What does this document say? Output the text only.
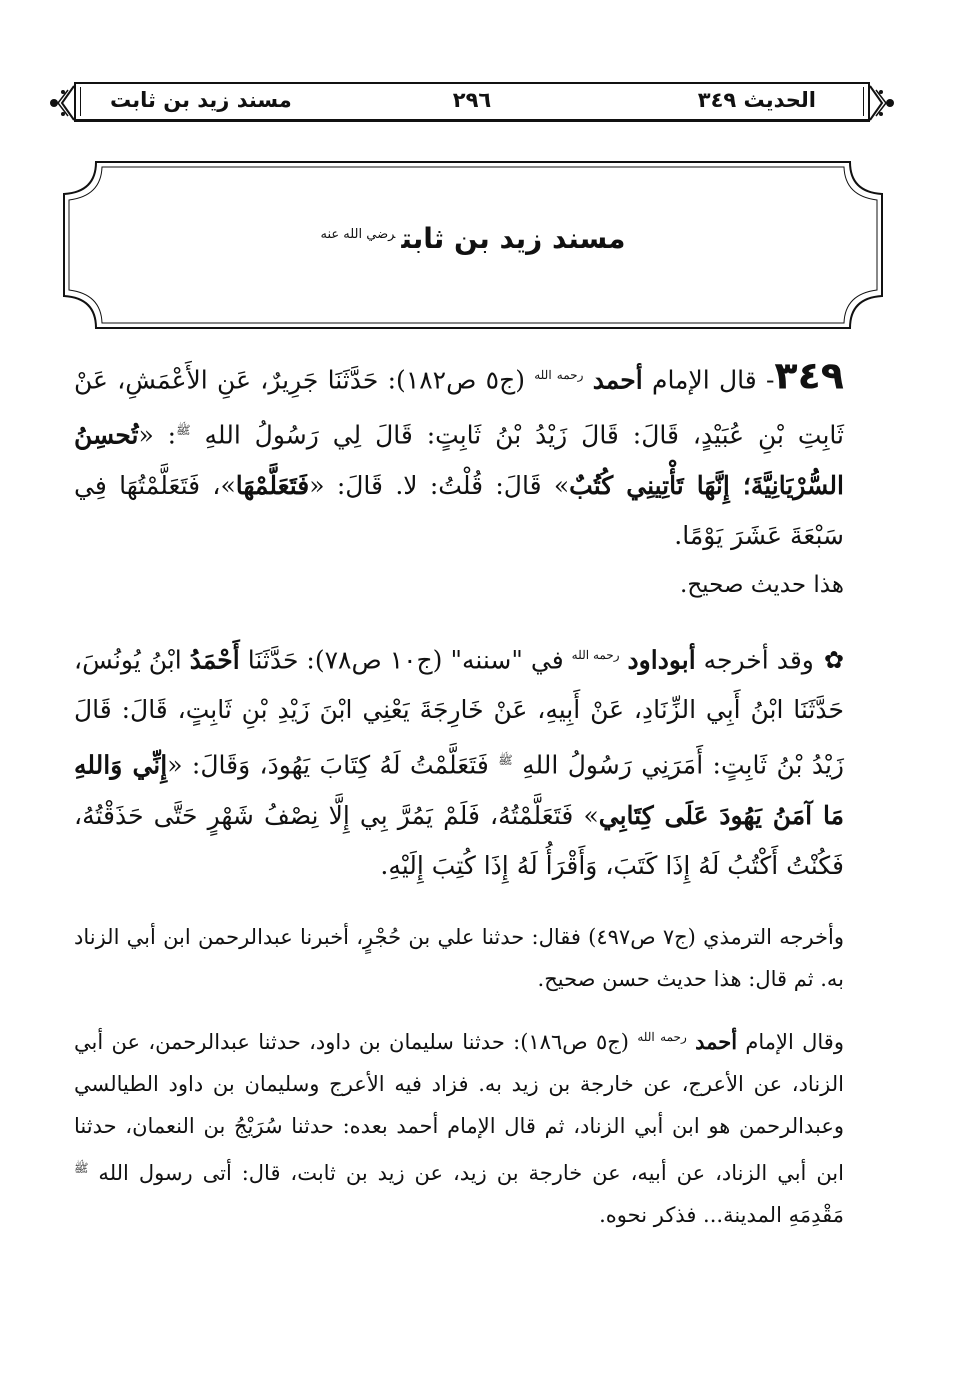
الحديث ٣٤٩
٢٩٦
مسند زيد بن ثابت
مسند زيد بن ثابت$^{رضي الله عنه}$
٣٤٩- قال الإمام أحمد $^{رحمه الله}$ (ج٥ ص١٨٢): حَدَّثَنَا جَرِيرٌ، عَنِ الأَعْمَشِ، عَنْ ثَابِتِ بْنِ عُبَيْدٍ، قَالَ: قَالَ زَيْدُ بْنُ ثَابِتٍ: قَالَ لِي رَسُولُ اللهِ $^ﷺ$: «تُحسِنُ السُّرْيَانِيَّةَ؛ إِنَّهَا تَأْتِينِي كُتُبٌ» قَالَ: قُلْتُ: لا. قَالَ: «فَتَعَلَّمْهَا»، فَتَعَلَّمْتُهَا فِي سَبْعَةَ عَشَرَ يَوْمًا.
هذا حديث صحيح.
✿وقد أخرجه أبوداود $^{رحمه الله}$ في "سننه" (ج١٠ ص٧٨): حَدَّثَنَا أَحْمَدُ ابْنُ يُونُسَ، حَدَّثَنَا ابْنُ أَبِي الزِّنَادِ، عَنْ أَبِيهِ، عَنْ خَارِجَةَ يَعْنِي ابْنَ زَيْدِ بْنِ ثَابِتٍ، قَالَ: قَالَ زَيْدُ بْنُ ثَابِتٍ: أَمَرَنِي رَسُولُ اللهِ $^ﷺ$ فَتَعَلَّمْتُ لَهُ كِتَابَ يَهُودَ، وَقَالَ: «إِنِّي وَاللهِ مَا آمَنُ يَهُودَ عَلَى كِتَابِي» فَتَعَلَّمْتُهُ، فَلَمْ يَمُرَّ بِي إِلَّا نِصْفُ شَهْرٍ حَتَّى حَذَقْتُهُ، فَكُنْتُ أَكْتُبُ لَهُ إِذَا كَتَبَ، وَأَقْرَأُ لَهُ إِذَا كُتِبَ إِلَيْهِ.
وأخرجه الترمذي (ج٧ ص٤٩٧) فقال: حدثنا علي بن حُجْرٍ، أخبرنا عبدالرحمن ابن أبي الزناد به. ثم قال: هذا حديث حسن صحيح.
وقال الإمام أحمد $^{رحمه الله}$ (ج٥ ص١٨٦): حدثنا سليمان بن داود، حدثنا عبدالرحمن، عن أبي الزناد، عن الأعرج، عن خارجة بن زيد به. فزاد فيه الأعرج وسليمان بن داود الطيالسي وعبدالرحمن هو ابن أبي الزناد، ثم قال الإمام أحمد بعده: حدثنا سُرَيْجُ بن النعمان، حدثنا ابن أبي الزناد، عن أبيه، عن خارجة بن زيد، عن زيد بن ثابت، قال: أتى رسول الله $^ﷺ$ مَقْدِمَهِ المدينة... فذكر نحوه.
